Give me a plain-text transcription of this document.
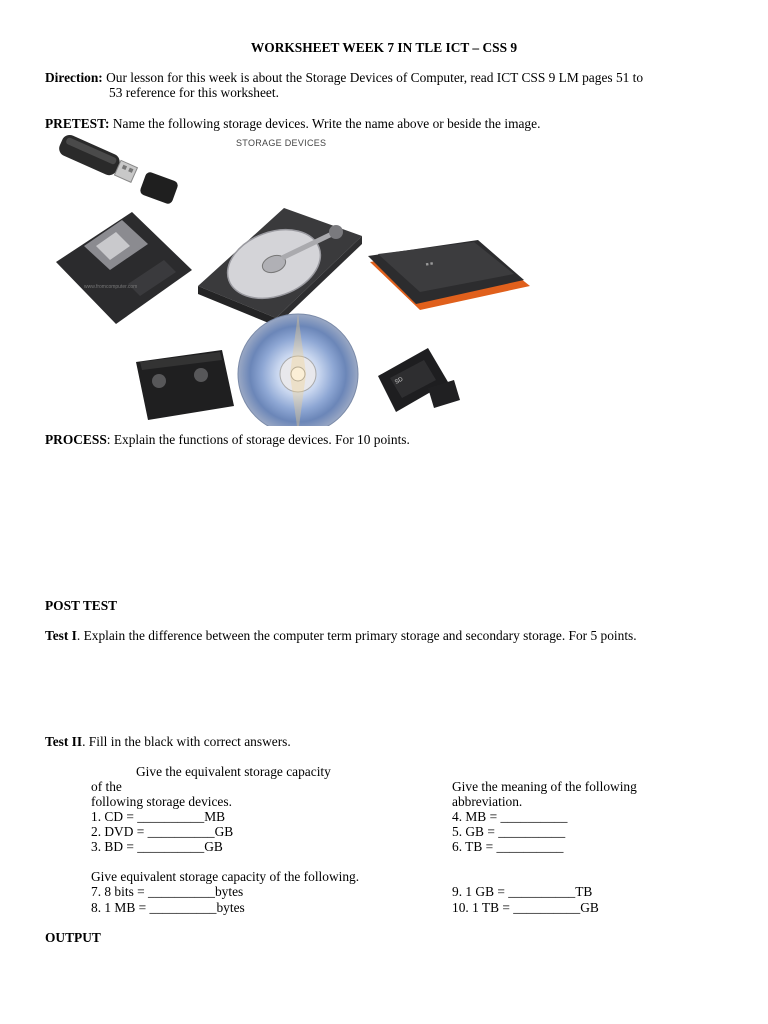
WORKSHEET WEEK 7 IN TLE ICT – CSS 9
Direction: Our lesson for this week is about the Storage Devices of Computer, read ICT CSS 9 LM pages 51 to
53 reference for this worksheet.
PRETEST: Name the following storage devices. Write the name above or beside the image.
STORAGE DEVICES
www.fromcomputer.com
■ ■
SD
PROCESS: Explain the functions of storage devices. For 10 points.
POST TEST
Test I. Explain the difference between the computer term primary storage and secondary storage. For 5 points.
Test II. Fill in the black with correct answers.
Give the equivalent storage capacity
of the
following storage devices.
1. CD = __________MB
2. DVD = __________GB
3. BD = __________GB
Give the meaning of the following
abbreviation.
4. MB = __________
5. GB = __________
6. TB = __________
Give equivalent storage capacity of the following.
7. 8 bits = __________bytes
8. 1 MB = __________bytes
9. 1 GB = __________TB
10. 1 TB = __________GB
OUTPUT
